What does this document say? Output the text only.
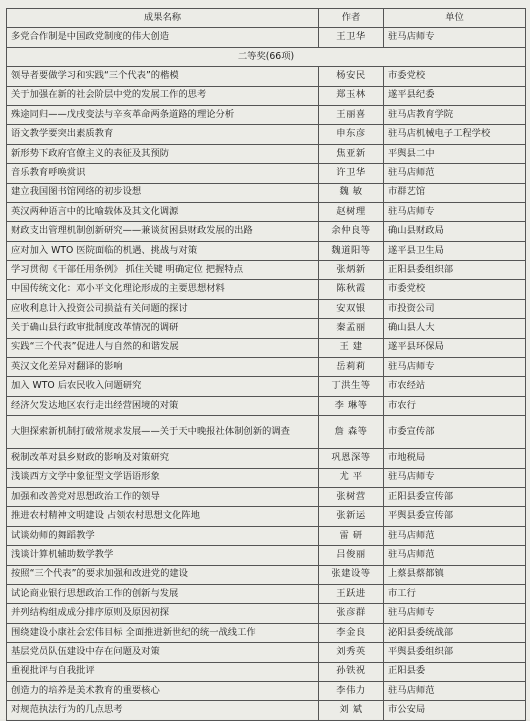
成果名称	作者	单位
多党合作制是中国政党制度的伟大创造	王卫华	驻马店师专
二等奖(66项)		
领导者要做学习和实践“三个代表”的楷模	杨安民	市委党校
关于加强在新的社会阶层中党的发展工作的思考	郑玉林	遂平县纪委
殊途同归——戊戌变法与辛亥革命两条道路的理论分析	王丽喜	驻马店教育学院
语文教学要突出素质教育	申东彦	驻马店机械电子工程学校
新形势下政府官僚主义的表征及其预防	焦亚新	平舆县二中
音乐教育呼唤赏识	许卫华	驻马店师范
建立我国图书馆网络的初步设想	魏 敏	市群艺馆
英汉两种语言中的比喻载体及其文化调源	赵树理	驻马店师专
财政支出管理机制创新研究——兼谈贫困县财政发展的出路	余仲良等	确山县财政局
应对加入 WTO 医院面临的机遇、挑战与对策	魏道阳等	遂平县卫生局
学习贯彻《干部任用条例》 抓住关键 明确定位 把握特点	张炳新	正阳县委组织部
中国传统文化：邓小平文化理论形成的主要思想材料	陈秋霞	市委党校
应收利息计入投资公司损益有关问题的探讨	安双银	市投资公司
关于确山县行政审批制度改革情况的调研	秦孟丽	确山县人大
实践“三个代表”促进人与自然的和谐发展	王 建	遂平县环保局
英汉文化差异对翻译的影响	岳莉莉	驻马店师专
加入 WTO 后农民收入问题研究	丁洪生等	市农经站
经济欠发达地区农行走出经营困境的对策	李 琳等	市农行
大胆探索新机制打破常规求发展——关于天中晚报社体制创新的调查	詹 森等	市委宣传部
税制改革对县乡财政的影响及对策研究	巩恩深等	市地税局
浅谈西方文学中象征型文学语语形象	尤 平	驻马店师专
加强和改善党对思想政治工作的领导	张树营	正阳县委宣传部
推进农村精神文明建设 占领农村思想文化阵地	张新运	平舆县委宣传部
试谈幼师的舞蹈教学	雷 研	驻马店师范
浅谈计算机辅助数学教学	吕俊丽	驻马店师范
按照“三个代表”的要求加强和改进党的建设	张建设等	上蔡县蔡都镇
试论商业银行思想政治工作的创新与发展	王跃进	市工行
并列结构组成成分排序原则及原因初探	张彦群	驻马店师专
围绕建设小康社会宏伟目标 全面推进新世纪的统一战线工作	李金良	泌阳县委统战部
基层党员队伍建设中存在问题及对策	刘秀英	平舆县委组织部
重视批评与自我批评	孙铁祝	正阳县委
创造力的培养是美术教育的重要核心	李伟力	驻马店师范
对规范执法行为的几点思考	刘 斌	市公安局
